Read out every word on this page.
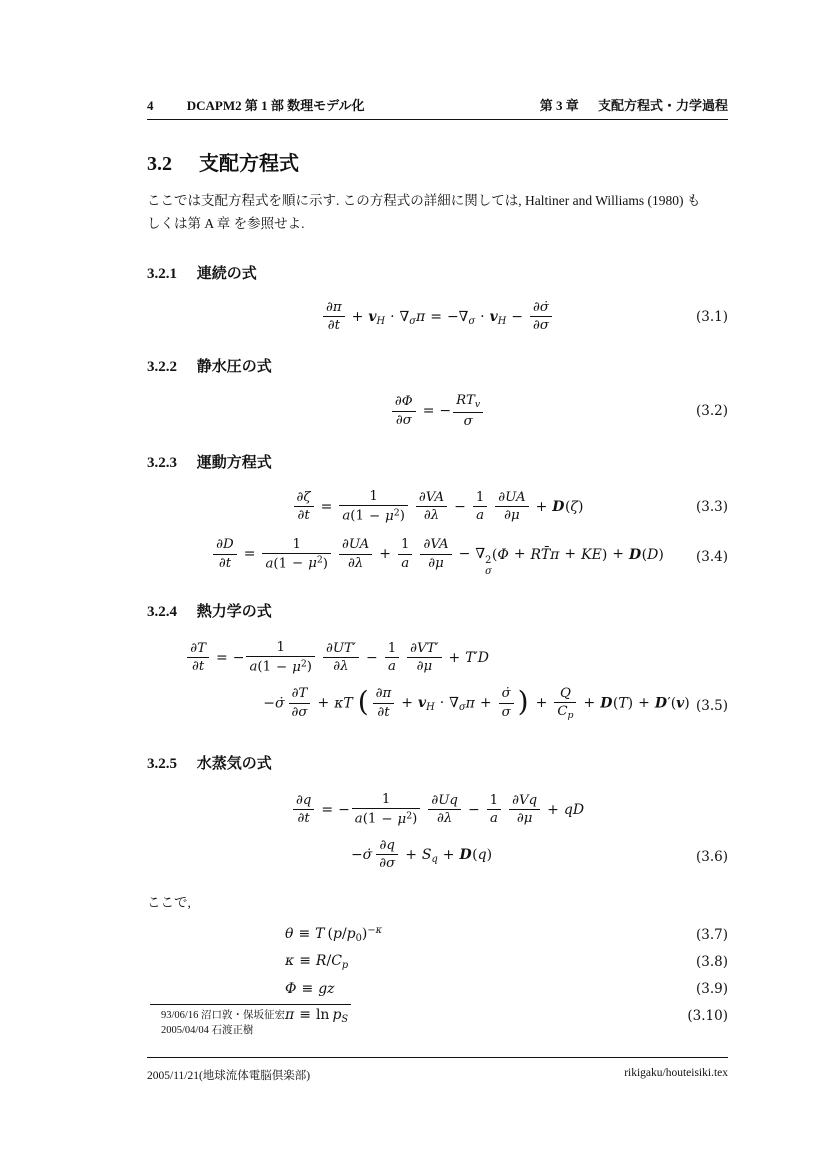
4	DCAPM2 第 1 部 数理モデル化	第 3 章 支配方程式・力学過程
3.2 支配方程式

ここでは支配方程式を順に示す. この方程式の詳細に関しては, Haltiner and Williams (1980) も
しくは第 A 章 を参照せよ.

3.2.1 連続の式
$\frac{\partial\pi}{\partial t} + v_H \cdot \nabla_\sigma\pi = -\nabla_\sigma \cdot v_H - \frac{\partial\sigmȧ}{\partial\sigma}$	(3.1)
3.2.2 静水圧の式
$\frac{\partial\Phi}{\partial\sigma}$ = − $\frac{RT_v}{\sigma}$	(3.2)
3.2.3 運動方程式
$\frac{\partial\zeta}{\partial t} = \frac{1}{a(1 - \mu^2)} \frac{\partial VA}{\partial\lambda} - \frac{1}{a} \frac{\partial UA}{\partial\mu} + D(\zeta)$	(3.3)
$\frac{\partial D}{\partial t} = \frac{1}{a(1 - \mu^2)} \frac{\partial UA}{\partial\lambda} + \frac{1}{a} \frac{\partial VA}{\partial\mu}$ − ∇ 2
σ
(Φ + RT̄π + KE) + D(D) (3.4)
3.2.4 熱力学の式
$\frac{\partial T}{\partial t}$ = − $\frac{1}{a(1 - \mu^2)} \frac{\partial UT'}{\partial\lambda} - \frac{1}{a} \frac{\partial VT'}{\partial\mu} + T'D$
−σ̇ $\frac{\partial T}{\partial\sigma} + \kappa T$ ( $\frac{\partial\pi}{\partial t} + v_H \cdot \nabla_\sigma\pi + \frac{\sigmȧ}{\sigma}$ ) + $\frac{Q}{C_p} + D(T) + D'(v)$ (3.5)
3.2.5 水蒸気の式
$\frac{\partial q}{\partial t}$ = − $\frac{1}{a(1 - \mu^2)} \frac{\partial Uq}{\partial\lambda} - \frac{1}{a} \frac{\partial Vq}{\partial\mu}$ + qD
−σ̇ $\frac{\partial q}{\partial\sigma} + S_q + D(q)$	(3.6)

ここで,

θ ≡ T $(p/p_0)^{-\kappa}$	(3.7)
$\kappa \equiv R/C_p$	(3.8)
Φ ≡ gz	(3.9)
$\pi \equiv \ln p_S$	(3.10)
93/06/16 沼口敦・保坂征宏
2005/04/04 石渡正樹
2005/11/21(地球流体電脳倶楽部)	rikigaku/houteisiki.tex
